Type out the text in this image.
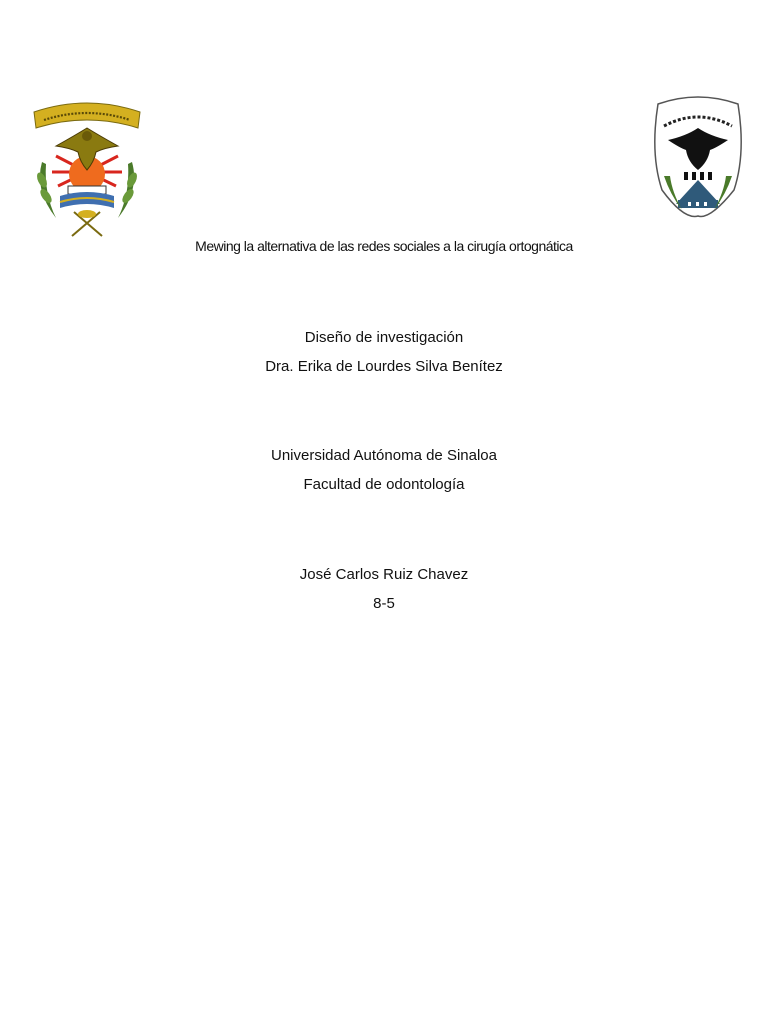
Mewing la alternativa de las redes sociales a la cirugía ortognática
Diseño de investigación
Dra. Erika de Lourdes Silva Benítez
Universidad Autónoma de Sinaloa
Facultad de odontología
José Carlos Ruiz Chavez
8-5
